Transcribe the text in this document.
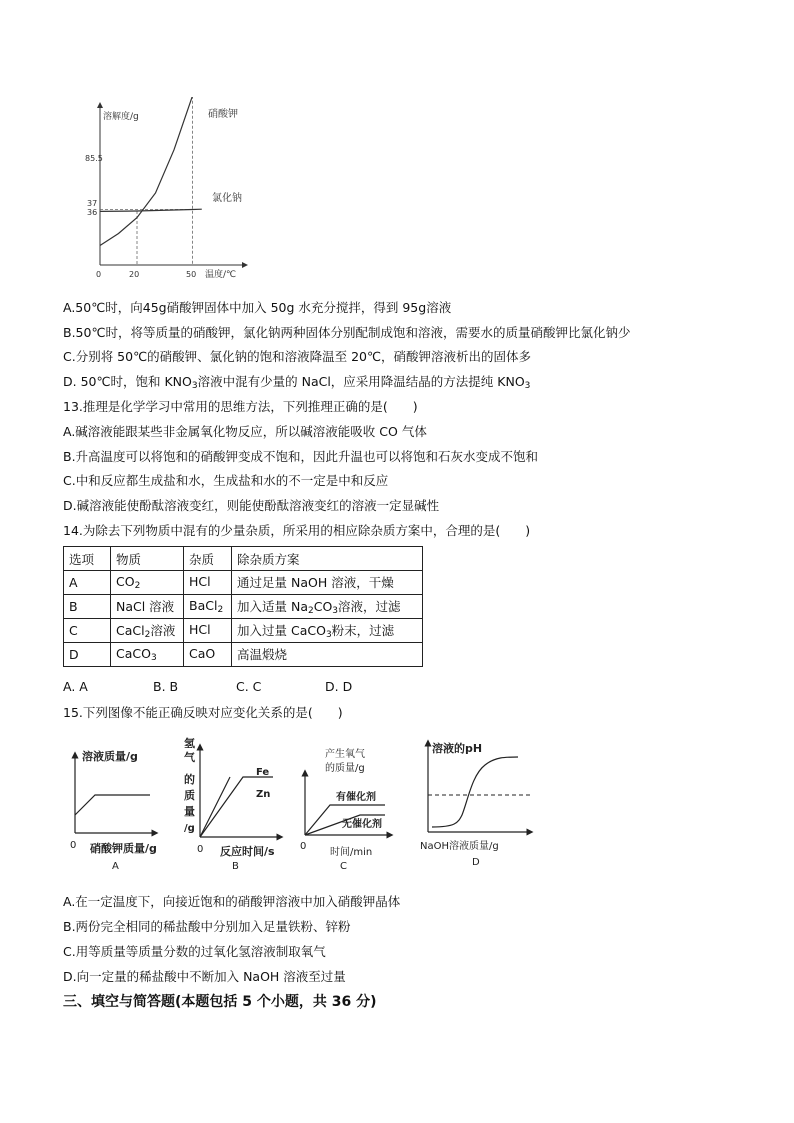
溶解度/g
85.5
37
36
0	20	50 温度/℃
硝酸钾
氯化钠
A.50℃时，向45g硝酸钾固体中加入 50g 水充分搅拌，得到 95g溶液
B.50℃时，将等质量的硝酸钾，氯化钠两种固体分别配制成饱和溶液，需要水的质量硝酸钾比氯化钠少
C.分别将 50℃的硝酸钾、氯化钠的饱和溶液降温至 20℃，硝酸钾溶液析出的固体多
D. 50℃时，饱和 $KNO_3$溶液中混有少量的 NaCl，应采用降温结晶的方法提纯 $KNO_3$
13.推理是化学学习中常用的思维方法，下列推理正确的是(　　)
A.碱溶液能跟某些非金属氧化物反应，所以碱溶液能吸收 CO 气体
B.升高温度可以将饱和的硝酸钾变成不饱和，因此升温也可以将饱和石灰水变成不饱和
C.中和反应都生成盐和水，生成盐和水的不一定是中和反应
D.碱溶液能使酚酞溶液变红，则能使酚酞溶液变红的溶液一定显碱性
14.为除去下列物质中混有的少量杂质，所采用的相应除杂质方案中，合理的是(　　)
选项	物质	杂质	除杂质方案
A	$CO_2$	HCl	通过足量 NaOH 溶液，干燥
B	NaCl 溶液	BaCl$_2$	加入适量 $Na_2CO_3$溶液，过滤
C	CaCl$_2$溶液	HCl	加入过量 CaCO$_3$粉末，过滤
D	CaCO$_3$	CaO	高温煅烧
A. A	B. B	C. C	D. D
15.下列图像不能正确反映对应变化关系的是(　　)
溶液质量/g
0 硝酸钾质量/g
A
氢
气
的
质
量
/g
Fe
Zn
0 反应时间/s
B
产生氧气
的质量/g
有催化剂
无催化剂
0
时间/min
C
溶液的pH
NaOH溶液质量/g
D
A.在一定温度下，向接近饱和的硝酸钾溶液中加入硝酸钾晶体
B.两份完全相同的稀盐酸中分别加入足量铁粉、锌粉
C.用等质量等质量分数的过氧化氢溶液制取氧气
D.向一定量的稀盐酸中不断加入 NaOH 溶液至过量
三、填空与简答题(本题包括 5 个小题，共 36 分)
